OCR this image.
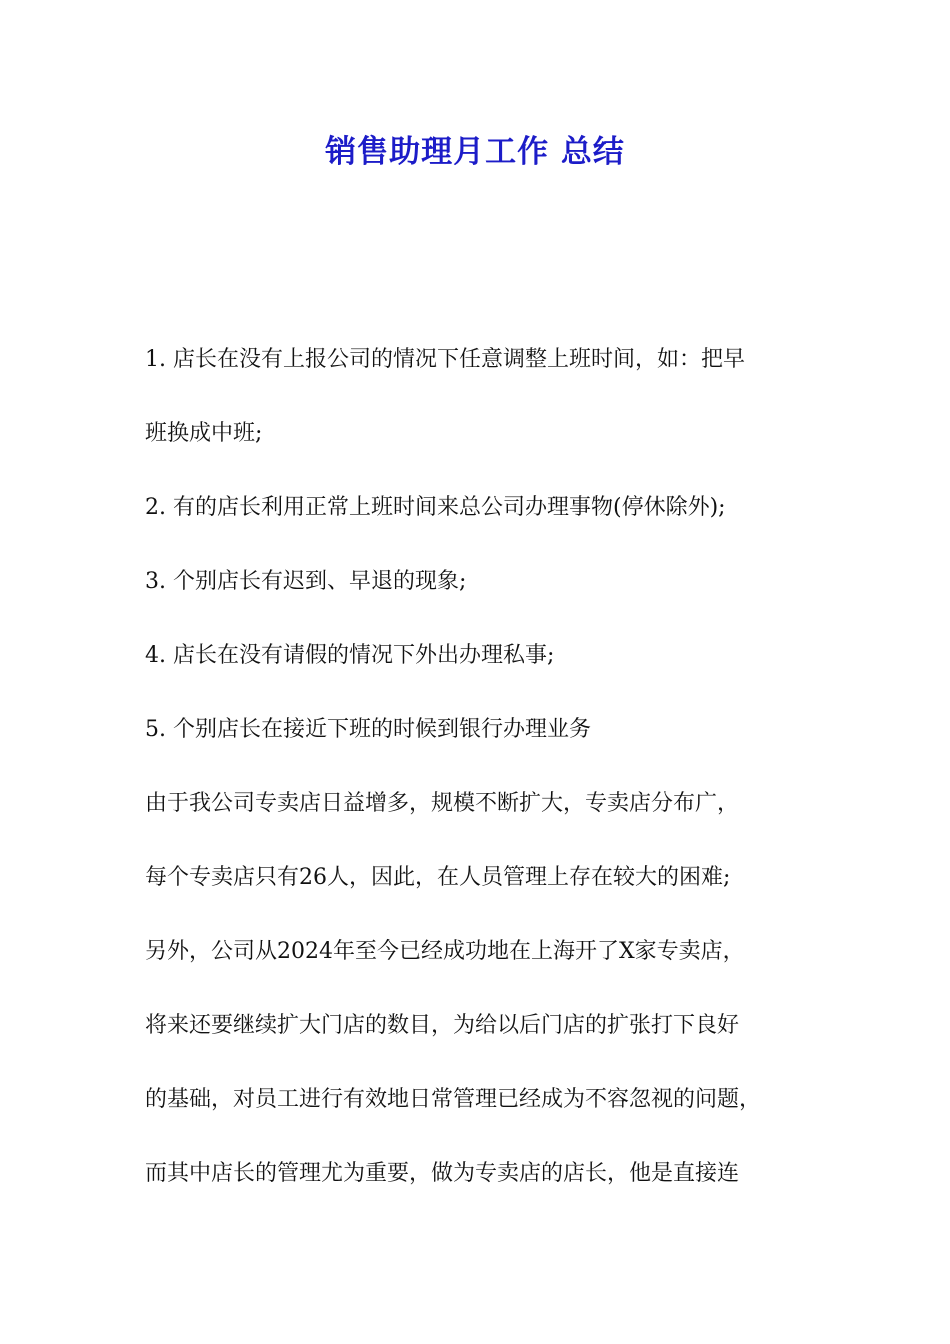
销售助理月工作 总结

1. 店长在没有上报公司的情况下任意调整上班时间，如：把早

班换成中班;

2. 有的店长利用正常上班时间来总公司办理事物(停休除外);

3. 个别店长有迟到、早退的现象;

4. 店长在没有请假的情况下外出办理私事;

5. 个别店长在接近下班的时候到银行办理业务

由于我公司专卖店日益增多，规模不断扩大，专卖店分布广，

每个专卖店只有26人，因此，在人员管理上存在较大的困难;

另外，公司从2024年至今已经成功地在上海开了X家专卖店，

将来还要继续扩大门店的数目，为给以后门店的扩张打下良好

的基础，对员工进行有效地日常管理已经成为不容忽视的问题，

而其中店长的管理尤为重要，做为专卖店的店长，他是直接连
